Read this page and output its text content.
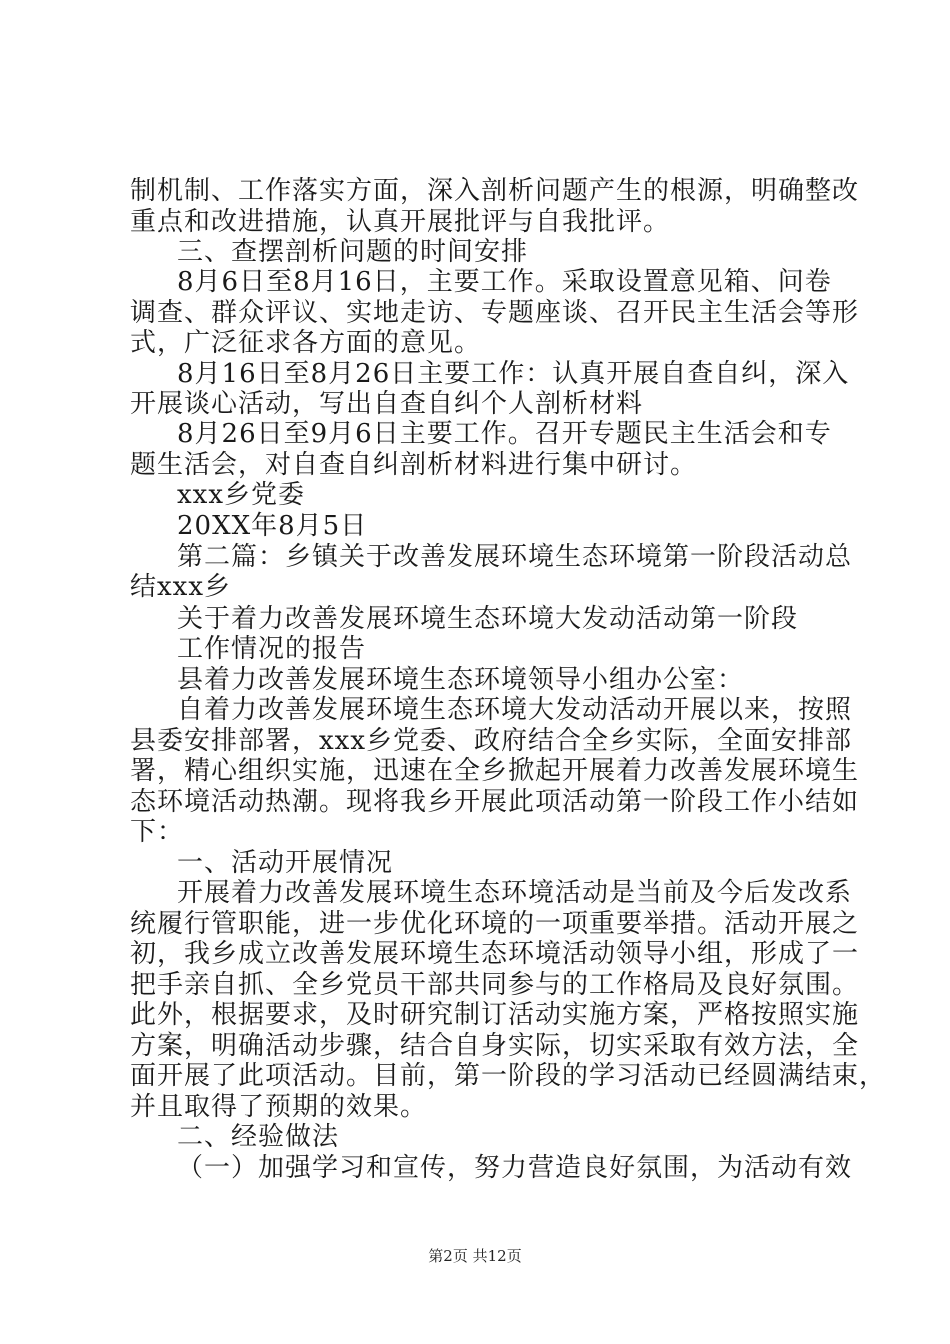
制机制、工作落实方面，深入剖析问题产生的根源，明确整改
重点和改进措施，认真开展批评与自我批评。
三、查摆剖析问题的时间安排
8月6日至8月16日，主要工作。采取设置意见箱、问卷
调查、群众评议、实地走访、专题座谈、召开民主生活会等形
式，广泛征求各方面的意见。
8月16日至8月26日主要工作：认真开展自查自纠，深入
开展谈心活动，写出自查自纠个人剖析材料
8月26日至9月6日主要工作。召开专题民主生活会和专
题生活会，对自查自纠剖析材料进行集中研讨。
xxx乡党委
20XX年8月5日
第二篇：乡镇关于改善发展环境生态环境第一阶段活动总
结xxx乡
关于着力改善发展环境生态环境大发动活动第一阶段
工作情况的报告
县着力改善发展环境生态环境领导小组办公室：
自着力改善发展环境生态环境大发动活动开展以来，按照
县委安排部署，xxx乡党委、政府结合全乡实际，全面安排部
署，精心组织实施，迅速在全乡掀起开展着力改善发展环境生
态环境活动热潮。现将我乡开展此项活动第一阶段工作小结如
下：
一、活动开展情况
开展着力改善发展环境生态环境活动是当前及今后发改系
统履行管职能，进一步优化环境的一项重要举措。活动开展之
初，我乡成立改善发展环境生态环境活动领导小组，形成了一
把手亲自抓、全乡党员干部共同参与的工作格局及良好氛围。
此外，根据要求，及时研究制订活动实施方案，严格按照实施
方案，明确活动步骤，结合自身实际，切实采取有效方法，全
面开展了此项活动。目前，第一阶段的学习活动已经圆满结束，
并且取得了预期的效果。
二、经验做法
（一）加强学习和宣传，努力营造良好氛围，为活动有效
第2页 共12页
